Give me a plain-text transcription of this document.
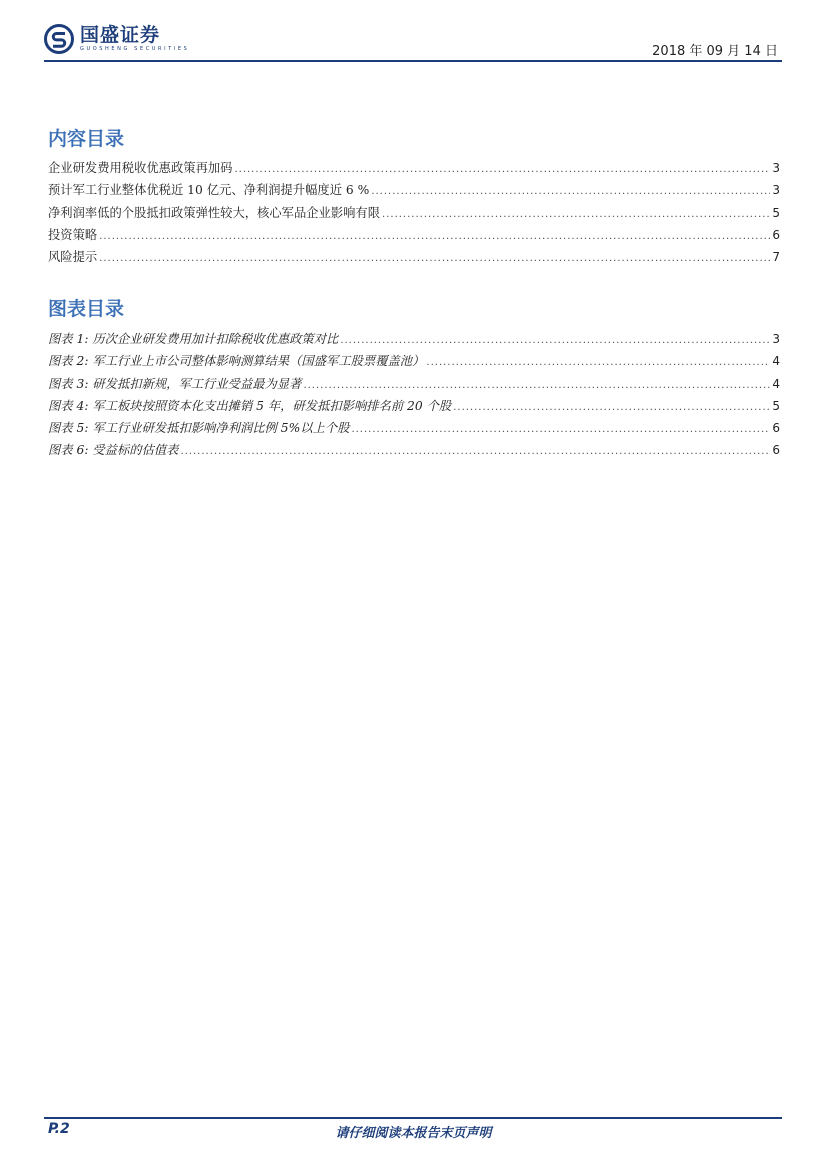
国盛证券
GUOSHENG SECURITIES	2018 年 09 月 14 日
内容目录
企业研发费用税收优惠政策再加码 .....	3
预计军工行业整体优税近 10 亿元、净利润提升幅度近 6 % .....	3
净利润率低的个股抵扣政策弹性较大，核心军品企业影响有限 .....	5
投资策略 .....	6
风险提示 .....	7
图表目录
图表 1: 历次企业研发费用加计扣除税收优惠政策对比 .....	3
图表 2: 军工行业上市公司整体影响测算结果（国盛军工股票覆盖池） .....	4
图表 3: 研发抵扣新规，军工行业受益最为显著 .....	4
图表 4: 军工板块按照资本化支出摊销 5 年，研发抵扣影响排名前 20 个股 .....	5
图表 5: 军工行业研发抵扣影响净利润比例 5%以上个股 .....	6
图表 6: 受益标的估值表 .....	6
P.2	请仔细阅读本报告末页声明
